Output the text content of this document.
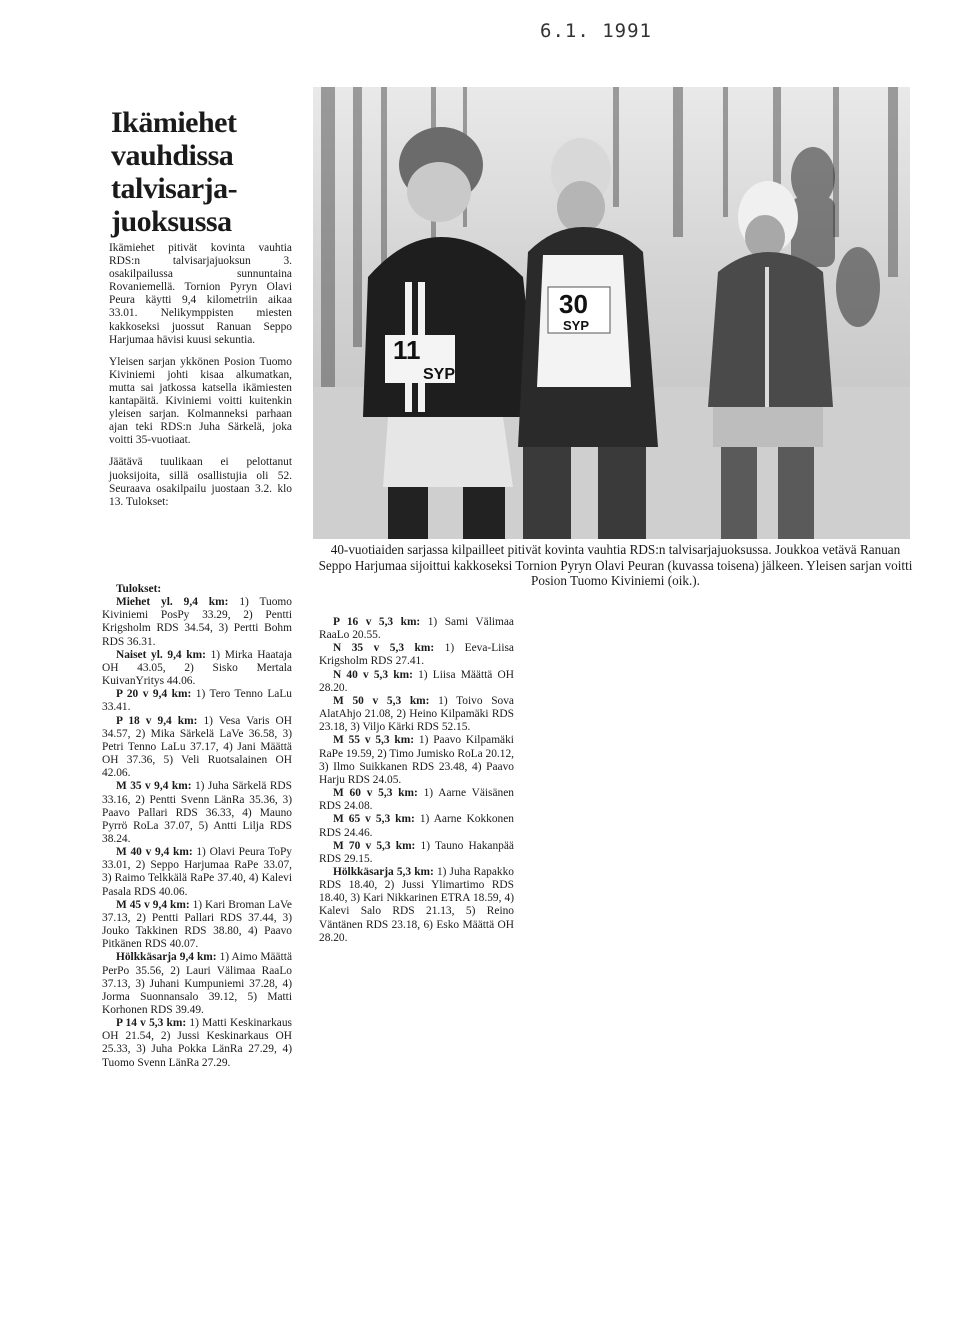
6.1. 1991
Ikämiehet
vauhdissa
talvisarja-
juoksussa

Ikämiehet pitivät kovinta vauhtia RDS:n talvisarjajuoksun 3. osakilpailussa sunnuntaina Rovaniemellä. Tornion Pyryn Olavi Peura käytti 9,4 kilometriin aikaa 33.01. Nelikymppisten miesten kakkoseksi juossut Ranuan Seppo Harjumaa hävisi kuusi sekuntia.

Yleisen sarjan ykkönen Posion Tuomo Kiviniemi johti kisaa alkumatkan, mutta sai jatkossa katsella ikämiesten kantapäitä. Kiviniemi voitti kuitenkin yleisen sarjan. Kolmanneksi parhaan ajan teki RDS:n Juha Särkelä, joka voitti 35-vuotiaat.

Jäätävä tuulikaan ei pelottanut juoksijoita, sillä osallistujia oli 52. Seuraava osakilpailu juostaan 3.2. klo 13. Tulokset:

Tulokset:

Miehet yl. 9,4 km: 1) Tuomo Kiviniemi PosPy 33.29, 2) Pentti Krigsholm RDS 34.54, 3) Pertti Bohm RDS 36.31.

Naiset yl. 9,4 km: 1) Mirka Haataja OH 43.05, 2) Sisko Mertala KuivanYritys 44.06.

P 20 v 9,4 km: 1) Tero Tenno LaLu 33.41.

P 18 v 9,4 km: 1) Vesa Varis OH 34.57, 2) Mika Särkelä LaVe 36.58, 3) Petri Tenno LaLu 37.17, 4) Jani Määttä OH 37.36, 5) Veli Ruotsalainen OH 42.06.

M 35 v 9,4 km: 1) Juha Särkelä RDS 33.16, 2) Pentti Svenn LänRa 35.36, 3) Paavo Pallari RDS 36.33, 4) Mauno Pyrrö RoLa 37.07, 5) Antti Lilja RDS 38.24.

M 40 v 9,4 km: 1) Olavi Peura ToPy 33.01, 2) Seppo Harjumaa RaPe 33.07, 3) Raimo Telkkälä RaPe 37.40, 4) Kalevi Pasala RDS 40.06.

M 45 v 9,4 km: 1) Kari Broman LaVe 37.13, 2) Pentti Pallari RDS 37.44, 3) Jouko Takkinen RDS 38.80, 4) Paavo Pitkänen RDS 40.07.

Hölkkäsarja 9,4 km: 1) Aimo Määttä PerPo 35.56, 2) Lauri Välimaa RaaLo 37.13, 3) Juhani Kumpuniemi 37.28, 4) Jorma Suonnansalo 39.12, 5) Matti Korhonen RDS 39.49.

P 14 v 5,3 km: 1) Matti Keskinarkaus OH 21.54, 2) Jussi Keskinarkaus OH 25.33, 3) Juha Pokka LänRa 27.29, 4) Tuomo Svenn LänRa 27.29.

11
SYP
30
SYP
40-vuotiaiden sarjassa kilpailleet pitivät kovinta vauhtia RDS:n talvisarjajuoksussa. Joukkoa vetävä Ranuan Seppo Harjumaa sijoittui kakkoseksi Tornion Pyryn Olavi Peuran (kuvassa toisena) jälkeen. Yleisen sarjan voitti Posion Tuomo Kiviniemi (oik.).

P 16 v 5,3 km: 1) Sami Välimaa RaaLo 20.55.

N 35 v 5,3 km: 1) Eeva-Liisa Krigsholm RDS 27.41.

N 40 v 5,3 km: 1) Liisa Määttä OH 28.20.

M 50 v 5,3 km: 1) Toivo Sova AlatAhjo 21.08, 2) Heino Kilpamäki RDS 23.18, 3) Viljo Kärki RDS 52.15.

M 55 v 5,3 km: 1) Paavo Kilpamäki RaPe 19.59, 2) Timo Jumisko RoLa 20.12, 3) Ilmo Suikkanen RDS 23.48, 4) Paavo Harju RDS 24.05.

M 60 v 5,3 km: 1) Aarne Väisänen RDS 24.08.

M 65 v 5,3 km: 1) Aarne Kokkonen RDS 24.46.

M 70 v 5,3 km: 1) Tauno Hakanpää RDS 29.15.

Hölkkäsarja 5,3 km: 1) Juha Rapakko RDS 18.40, 2) Jussi Ylimartimo RDS 18.40, 3) Kari Nikkarinen ETRA 18.59, 4) Kalevi Salo RDS 21.13, 5) Reino Väntänen RDS 23.18, 6) Esko Määttä OH 28.20.
